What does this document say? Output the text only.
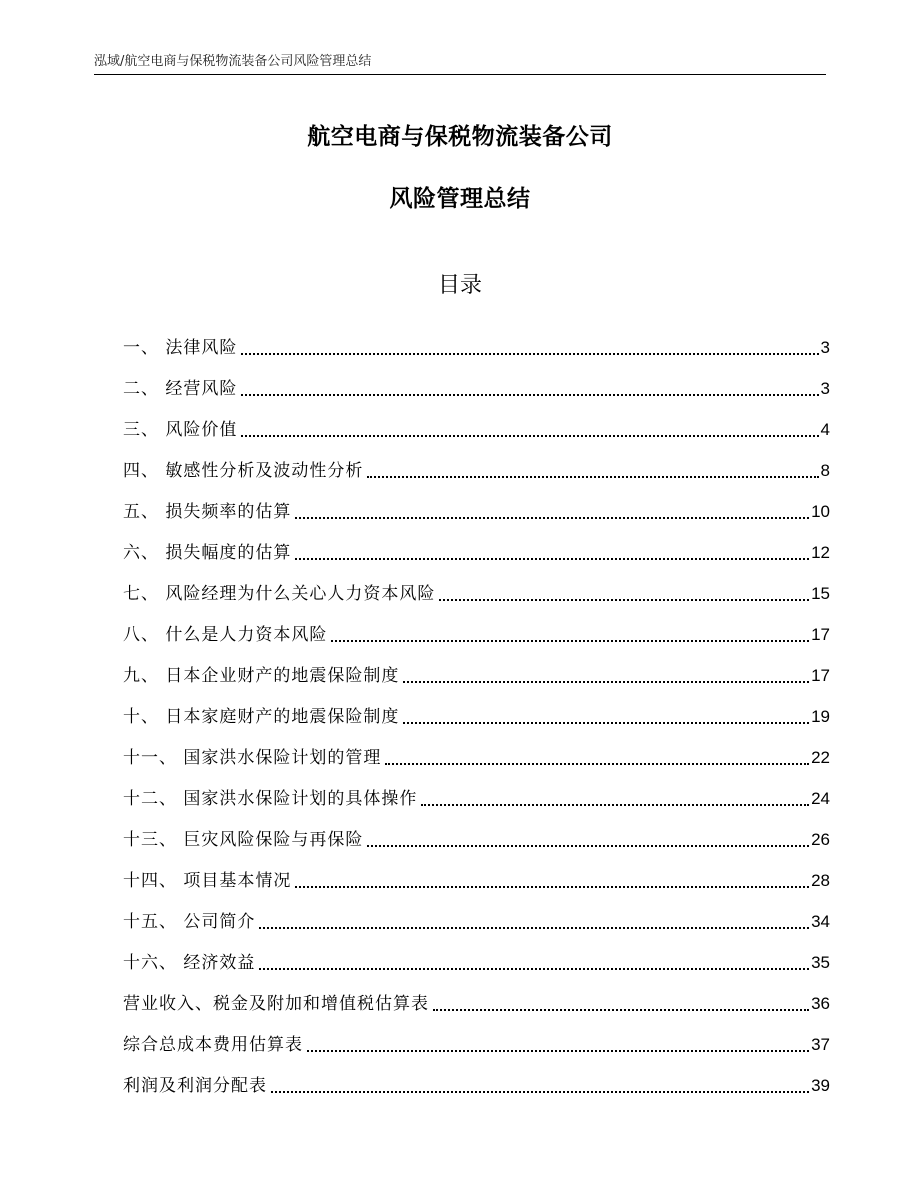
泓域/航空电商与保税物流装备公司风险管理总结
航空电商与保税物流装备公司
风险管理总结
目录
一、 法律风险	3
二、 经营风险	3
三、 风险价值	4
四、 敏感性分析及波动性分析	8
五、 损失频率的估算	10
六、 损失幅度的估算	12
七、 风险经理为什么关心人力资本风险	15
八、 什么是人力资本风险	17
九、 日本企业财产的地震保险制度	17
十、 日本家庭财产的地震保险制度	19
十一、 国家洪水保险计划的管理	22
十二、 国家洪水保险计划的具体操作	24
十三、 巨灾风险保险与再保险	26
十四、 项目基本情况	28
十五、 公司简介	34
十六、 经济效益	35
营业收入、税金及附加和增值税估算表	36
综合总成本费用估算表	37
利润及利润分配表	39
